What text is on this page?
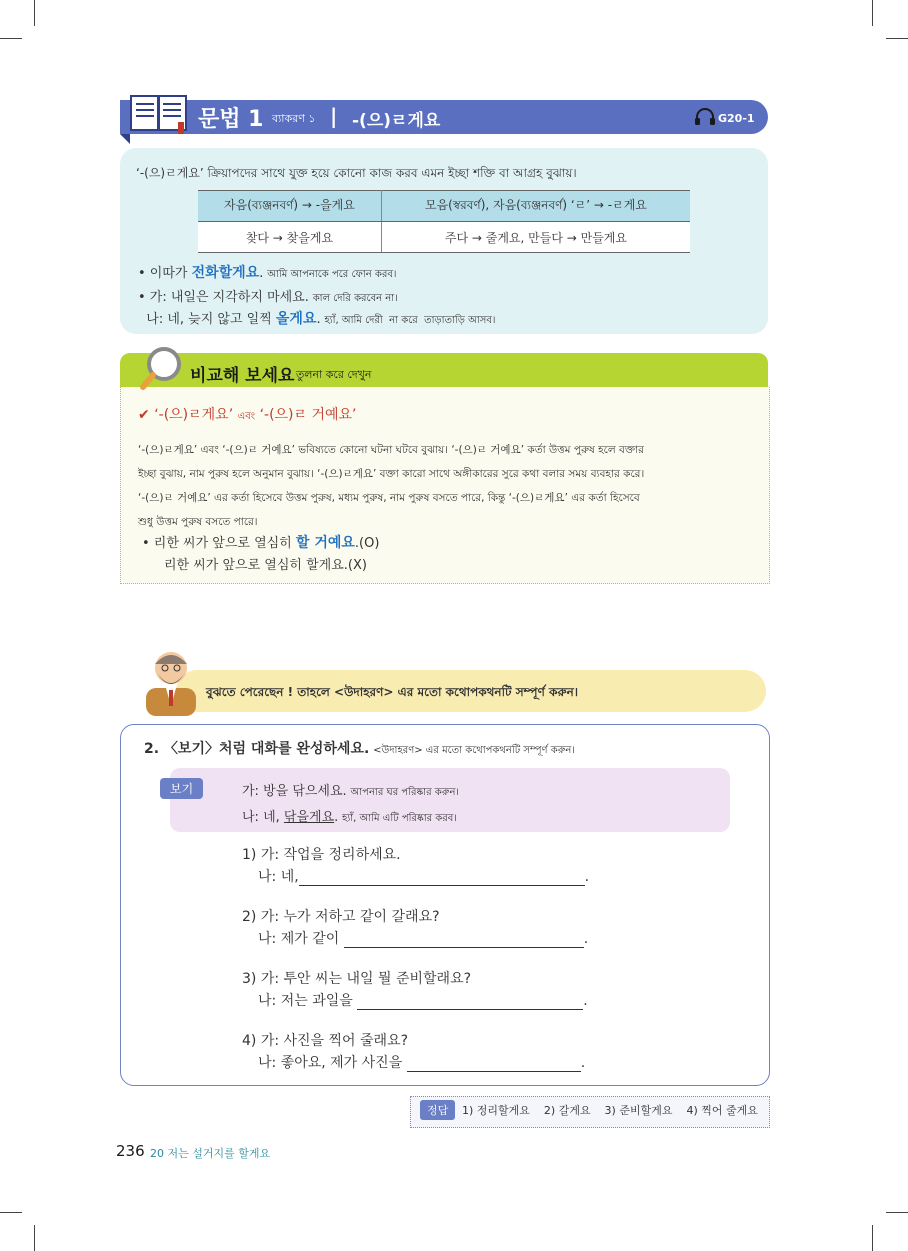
문법 1 ব্যাকরণ ১ | -(으)ㄹ게요	G20-1
‘-(으)ㄹ게요’ ক্রিয়াপদের সাথে যুক্ত হয়ে কোনো কাজ করব এমন ইচ্ছা শক্তি বা আগ্রহ বুঝায়।
자음(ব্যঞ্জনবর্ণ) → -을게요	모음(স্বরবর্ণ), 자음(ব্যঞ্জনবর্ণ) ‘ㄹ’ → -ㄹ게요
찾다 → 찾을게요	주다 → 줄게요, 만들다 → 만들게요
• 이따가 전화할게요. আমি আপনাকে পরে ফোন করব।
• 가: 내일은 지각하지 마세요. কাল দেরি করবেন না।
나: 네, 늦지 않고 일찍 올게요. হ্যাঁ, আমি দেরী  না করে  তাড়াতাড়ি আসব।
비교해 보세요 তুলনা করে দেখুন
✔ ‘-(으)ㄹ게요’ এবং ‘-(으)ㄹ 거예요’
‘-(으)ㄹ게요’ এবং ‘-(으)ㄹ 거예요’ ভবিষ্যতে কোনো ঘটনা ঘটবে বুঝায়। ‘-(으)ㄹ 거예요’ কর্তা উত্তম পুরুষ হলে বক্তার
ইচ্ছা বুঝায়, নাম পুরুষ হলে অনুমান বুঝায়। ‘-(으)ㄹ게요’ বক্তা কারো সাথে অঙ্গীকারের সুরে কথা বলার সময় ব্যবহার করে।
‘-(으)ㄹ 거예요’ এর কর্তা হিসেবে উত্তম পুরুষ, মধ্যম পুরুষ, নাম পুরুষ বসতে পারে, কিন্তু ‘-(으)ㄹ게요’ এর কর্তা হিসেবে
শুধু উত্তম পুরুষ বসতে পারে।
• 리한 씨가 앞으로 열심히 할 거예요.(O)
리한 씨가 앞으로 열심히 할게요.(X)
বুঝতে পেরেছেন ! তাহলে <উদাহরণ> এর মতো কথোপকথনটি সম্পূর্ণ করুন।
2. 〈보기〉처럼 대화를 완성하세요. <উদাহরণ> এর মতো কথোপকথনটি সম্পূর্ণ করুন।
보기	가: 방을 닦으세요. আপনার ঘর পরিষ্কার করুন।
나: 네, 닦을게요. হ্যাঁ, আমি এটি পরিষ্কার করব।
1) 가: 작업을 정리하세요.
나: 네,	.
2) 가: 누가 저하고 같이 갈래요?
나: 제가 같이	.
3) 가: 투안 씨는 내일 뭘 준비할래요?
나: 저는 과일을	.
4) 가: 사진을 찍어 줄래요?
나: 좋아요, 제가 사진을	.
정답	1) 정리할게요    2) 갈게요    3) 준비할게요    4) 찍어 줄게요
236 20 저는 설거지를 할게요
